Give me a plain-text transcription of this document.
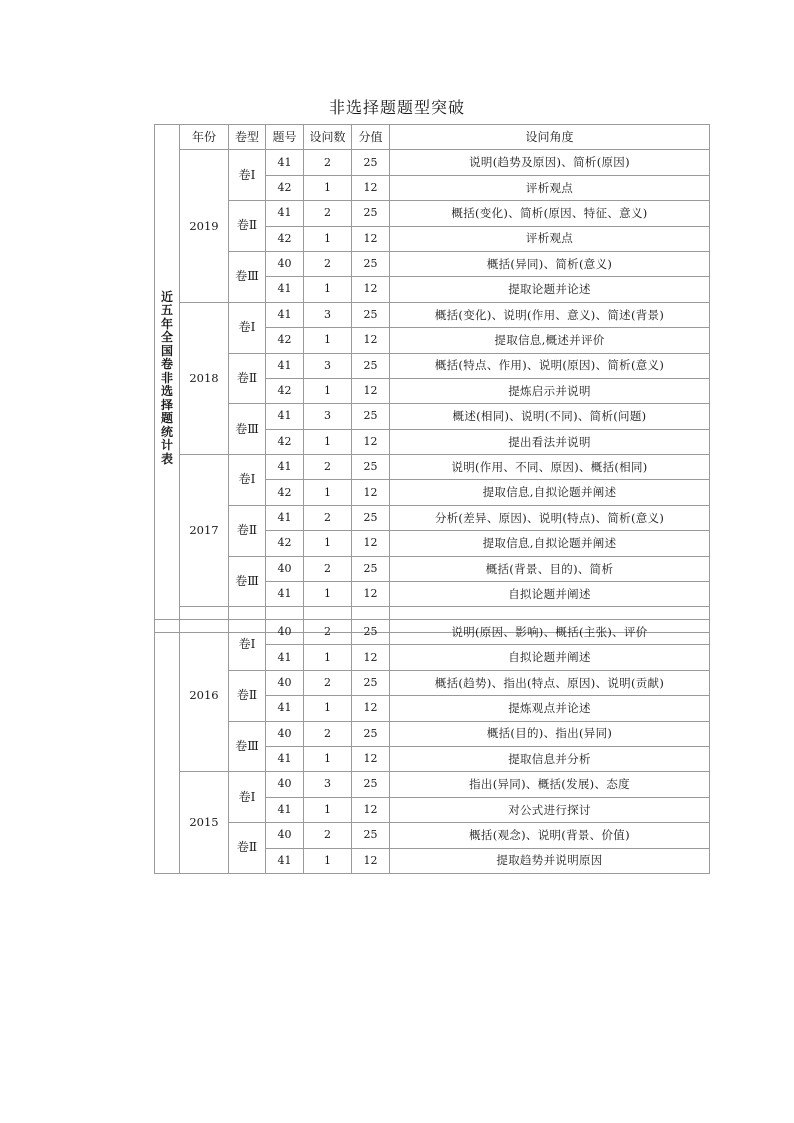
非选择题题型突破
近五年全国卷非选择题统计表	年份	卷型	题号	设问数	分值	设问角度
	2019	卷Ⅰ	41	2	25	说明(趋势及原因)、简析(原因)
			42	1	12	评析观点
		卷Ⅱ	41	2	25	概括(变化)、简析(原因、特征、意义)
			42	1	12	评析观点
		卷Ⅲ	40	2	25	概括(异同)、简析(意义)
			41	1	12	提取论题并论述
	2018	卷Ⅰ	41	3	25	概括(变化)、说明(作用、意义)、简述(背景)
			42	1	12	提取信息,概述并评价
		卷Ⅱ	41	3	25	概括(特点、作用)、说明(原因)、简析(意义)
			42	1	12	提炼启示并说明
		卷Ⅲ	41	3	25	概述(相同)、说明(不同)、简析(问题)
			42	1	12	提出看法并说明
	2017	卷Ⅰ	41	2	25	说明(作用、不同、原因)、概括(相同)
			42	1	12	提取信息,自拟论题并阐述
		卷Ⅱ	41	2	25	分析(差异、原因)、说明(特点)、简析(意义)
			42	1	12	提取信息,自拟论题并阐述
		卷Ⅲ	40	2	25	概括(背景、目的)、简析
			41	1	12	自拟论题并阐述

	2016	卷Ⅰ	40	2	25	说明(原因、影响)、概括(主张)、评价
			41	1	12	自拟论题并阐述
		卷Ⅱ	40	2	25	概括(趋势)、指出(特点、原因)、说明(贡献)
			41	1	12	提炼观点并论述
		卷Ⅲ	40	2	25	概括(目的)、指出(异同)
			41	1	12	提取信息并分析
	2015	卷Ⅰ	40	3	25	指出(异同)、概括(发展)、态度
			41	1	12	对公式进行探讨
		卷Ⅱ	40	2	25	概括(观念)、说明(背景、价值)
			41	1	12	提取趋势并说明原因
